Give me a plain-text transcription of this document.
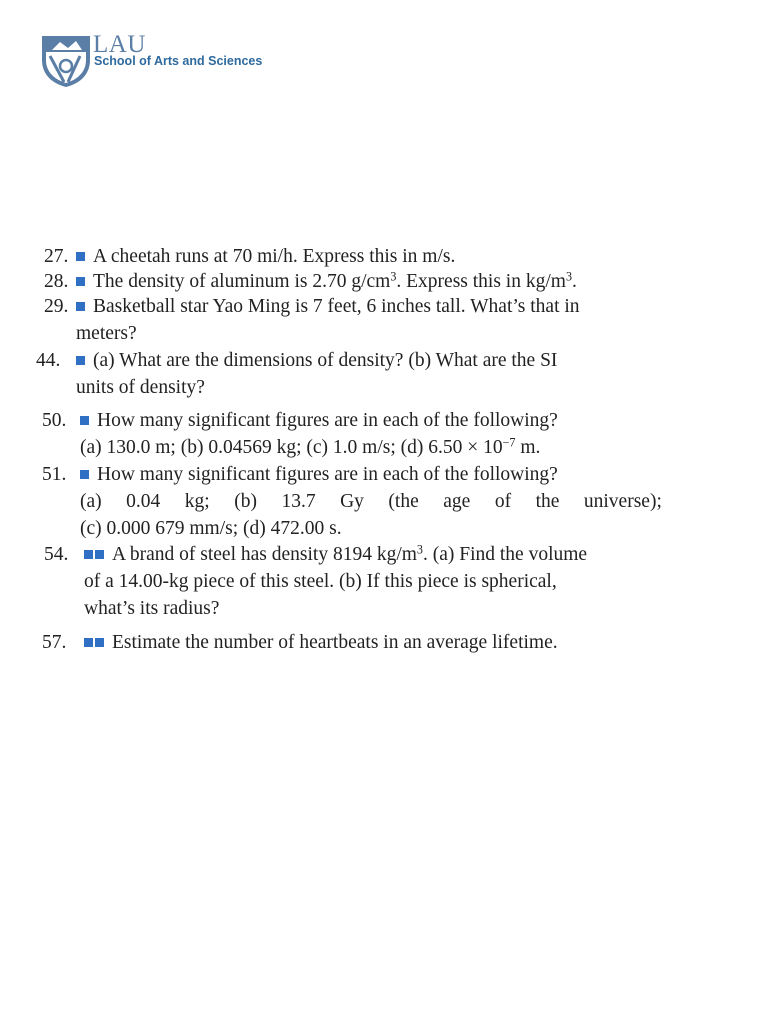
LAU
School of Arts and Sciences
27.	A cheetah runs at 70 mi/h. Express this in m/s.
28.	The density of aluminum is 2.70 $g/cm^3$. Express this in $kg/m^3$.
29.	Basketball star Yao Ming is 7 feet, 6 inches tall. What’s that in
meters?
44.	(a) What are the dimensions of density? (b) What are the SI
units of density?
50.	How many significant figures are in each of the following?
(a) 130.0 m; (b) 0.04569 kg; (c) 1.0 m/s; (d) $6.50 \times 10^{-7}$ m.
51.	How many significant figures are in each of the following?
(a) 0.04 kg; (b) 13.7 Gy (the age of the universe);
(c) 0.000 679 mm/s; (d) 472.00 s.
54.	A brand of steel has density 8194 $kg/m^3$. (a) Find the volume
of a 14.00-kg piece of this steel. (b) If this piece is spherical,
what’s its radius?
57.	Estimate the number of heartbeats in an average lifetime.
